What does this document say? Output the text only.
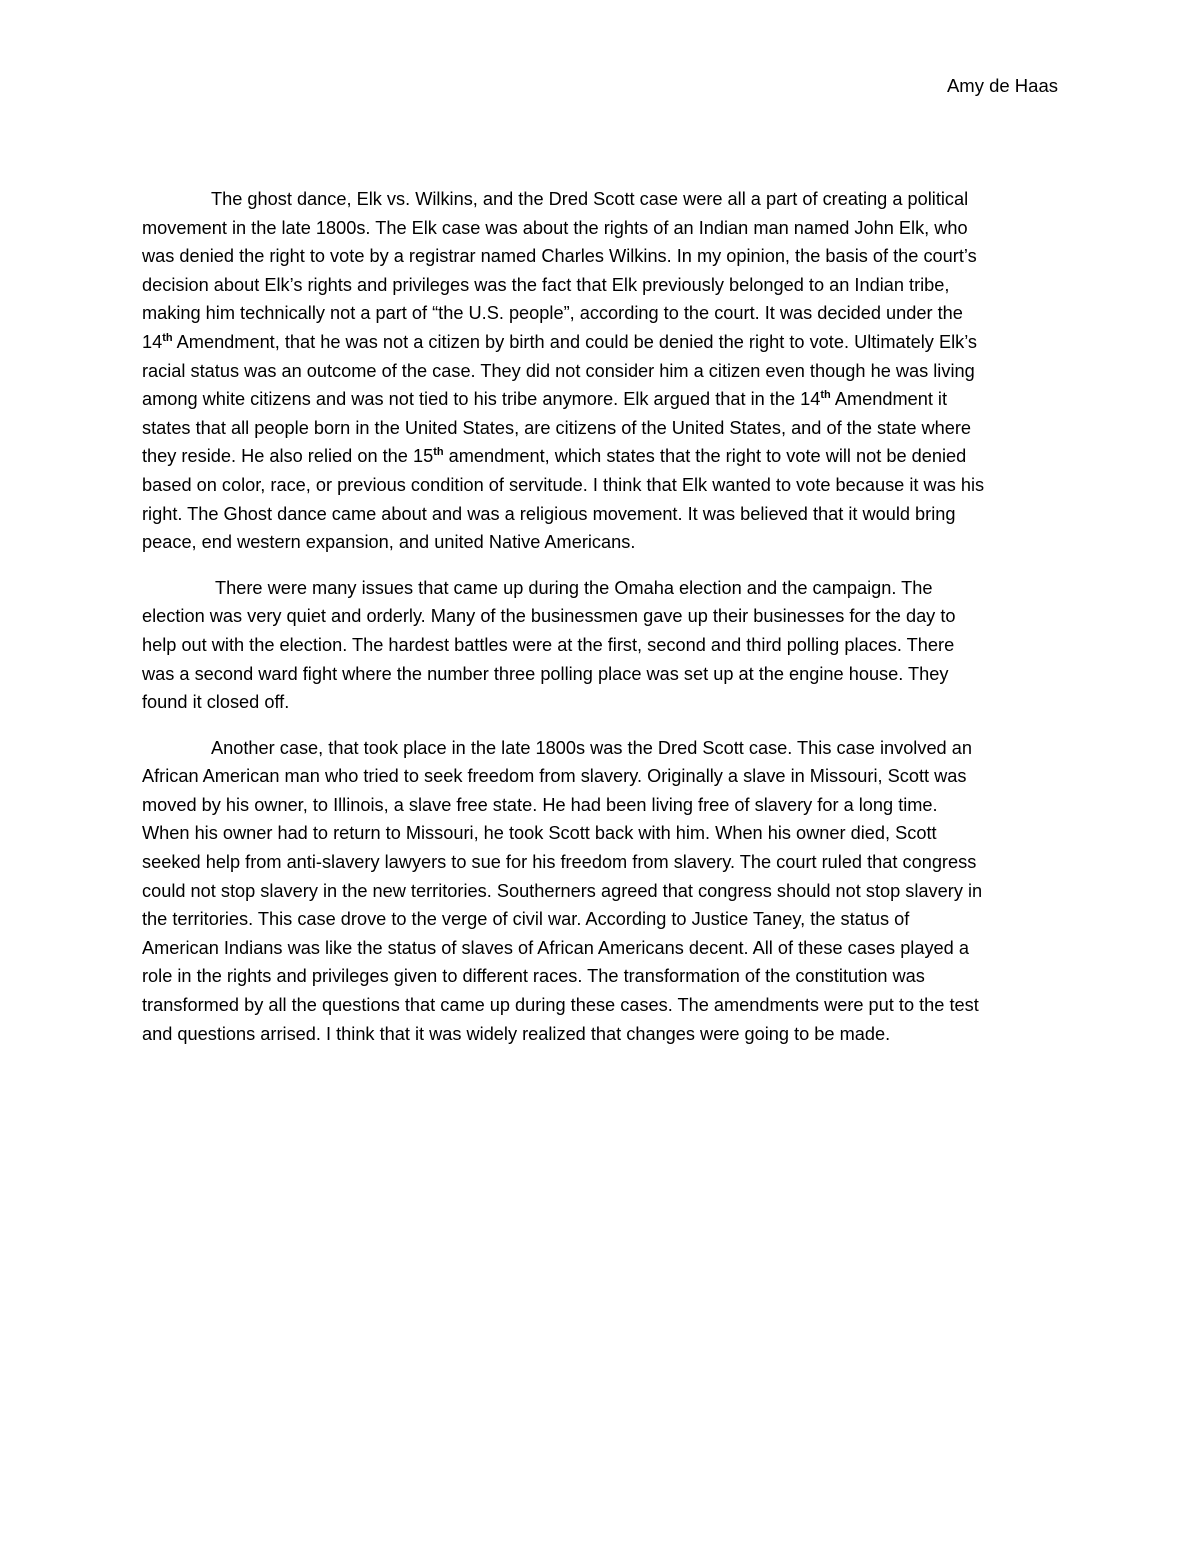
Amy de Haas

The ghost dance, Elk vs. Wilkins, and the Dred Scott case were all a part of creating a political
movement in the late 1800s. The Elk case was about the rights of an Indian man named John Elk, who
was denied the right to vote by a registrar named Charles Wilkins. In my opinion, the basis of the court’s
decision about Elk’s rights and privileges was the fact that Elk previously belonged to an Indian tribe,
making him technically not a part of “the U.S. people”, according to the court. It was decided under the
14th Amendment, that he was not a citizen by birth and could be denied the right to vote. Ultimately Elk’s
racial status was an outcome of the case. They did not consider him a citizen even though he was living
among white citizens and was not tied to his tribe anymore. Elk argued that in the 14th Amendment it
states that all people born in the United States, are citizens of the United States, and of the state where
they reside. He also relied on the 15th amendment, which states that the right to vote will not be denied
based on color, race, or previous condition of servitude. I think that Elk wanted to vote because it was his
right. The Ghost dance came about and was a religious movement. It was believed that it would bring
peace, end western expansion, and united Native Americans.

There were many issues that came up during the Omaha election and the campaign. The
election was very quiet and orderly. Many of the businessmen gave up their businesses for the day to
help out with the election. The hardest battles were at the first, second and third polling places. There
was a second ward fight where the number three polling place was set up at the engine house. They
found it closed off.

Another case, that took place in the late 1800s was the Dred Scott case. This case involved an
African American man who tried to seek freedom from slavery. Originally a slave in Missouri, Scott was
moved by his owner, to Illinois, a slave free state. He had been living free of slavery for a long time.
When his owner had to return to Missouri, he took Scott back with him. When his owner died, Scott
seeked help from anti-slavery lawyers to sue for his freedom from slavery. The court ruled that congress
could not stop slavery in the new territories. Southerners agreed that congress should not stop slavery in
the territories. This case drove to the verge of civil war. According to Justice Taney, the status of
American Indians was like the status of slaves of African Americans decent. All of these cases played a
role in the rights and privileges given to different races. The transformation of the constitution was
transformed by all the questions that came up during these cases. The amendments were put to the test
and questions arrised. I think that it was widely realized that changes were going to be made.
